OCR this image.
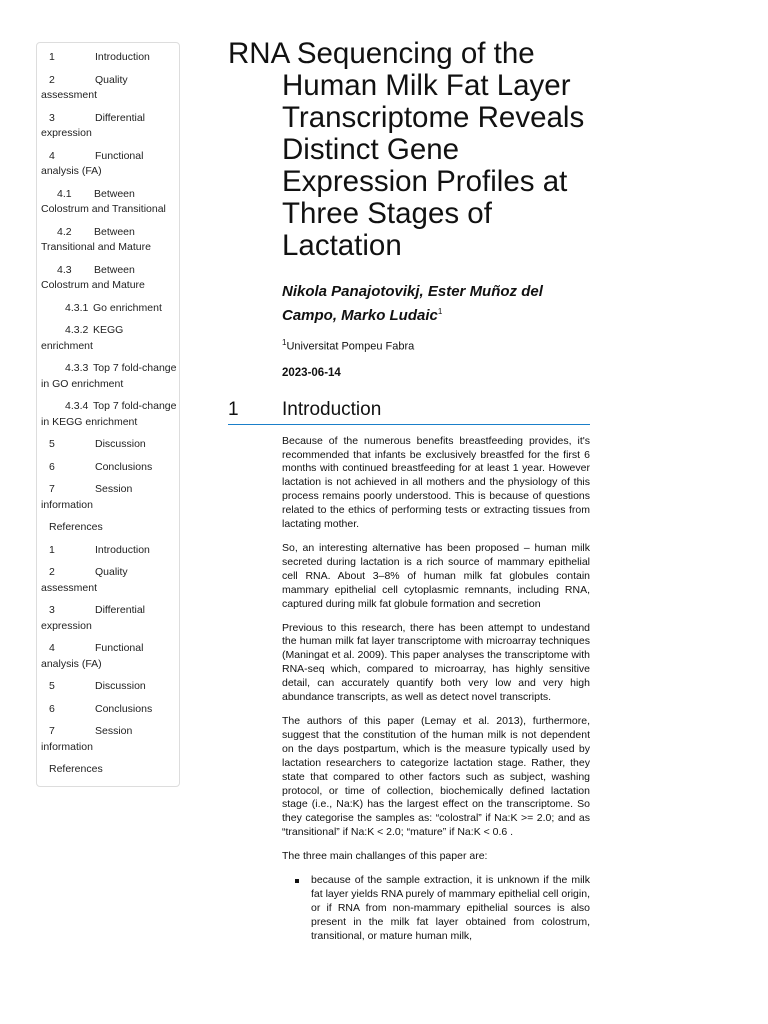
1	Introduction
2	Quality assessment
3	Differential expression
4	Functional analysis (FA)
4.1 Between Colostrum and Transitional
4.2 Between Transitional and Mature
4.3 Between Colostrum and Mature
4.3.1 Go enrichment
4.3.2 KEGG enrichment
4.3.3 Top 7 fold-change in GO enrichment
4.3.4 Top 7 fold-change in KEGG enrichment
5	Discussion
6	Conclusions
7	Session information
References
1	Introduction
2	Quality assessment
3	Differential expression
4	Functional analysis (FA)
5	Discussion
6	Conclusions
7	Session information
References
RNA Sequencing of the Human Milk Fat Layer Transcriptome Reveals Distinct Gene Expression Profiles at Three Stages of Lactation
Nikola Panajotovikj, Ester Muñoz del Campo, Marko Ludaic$^1$
$^1$Universitat Pompeu Fabra
2023-06-14
1 Introduction

Because of the numerous benefits breastfeeding provides, it's recommended that infants be exclusively breastfed for the first 6 months with continued breastfeeding for at least 1 year. However lactation is not achieved in all mothers and the physiology of this process remains poorly understood. This is because of questions related to the ethics of performing tests or extracting tissues from lactating mother.

So, an interesting alternative has been proposed – human milk secreted during lactation is a rich source of mammary epithelial cell RNA. About 3–8% of human milk fat globules contain mammary epithelial cell cytoplasmic remnants, including RNA, captured during milk fat globule formation and secretion

Previous to this research, there has been attempt to undestand the human milk fat layer transcriptome with microarray techniques (Maningat et al. 2009). This paper analyses the transcriptome with RNA-seq which, compared to microarray, has highly sensitive detail, can accurately quantify both very low and very high abundance transcripts, as well as detect novel transcripts.

The authors of this paper (Lemay et al. 2013), furthermore, suggest that the constitution of the human milk is not dependent on the days postpartum, which is the measure typically used by lactation researchers to categorize lactation stage. Rather, they state that compared to other factors such as subject, washing protocol, or time of collection, biochemically defined lactation stage (i.e., Na:K) has the largest effect on the transcriptome. So they categorise the samples as: “colostral” if Na:K >= 2.0; and as “transitional” if Na:K < 2.0; “mature” if Na:K < 0.6 .

The three main challanges of this paper are:

because of the sample extraction, it is unknown if the milk fat layer yields RNA purely of mammary epithelial cell origin, or if RNA from non-mammary epithelial sources is also present in the milk fat layer obtained from colostrum, transitional, or mature human milk,
